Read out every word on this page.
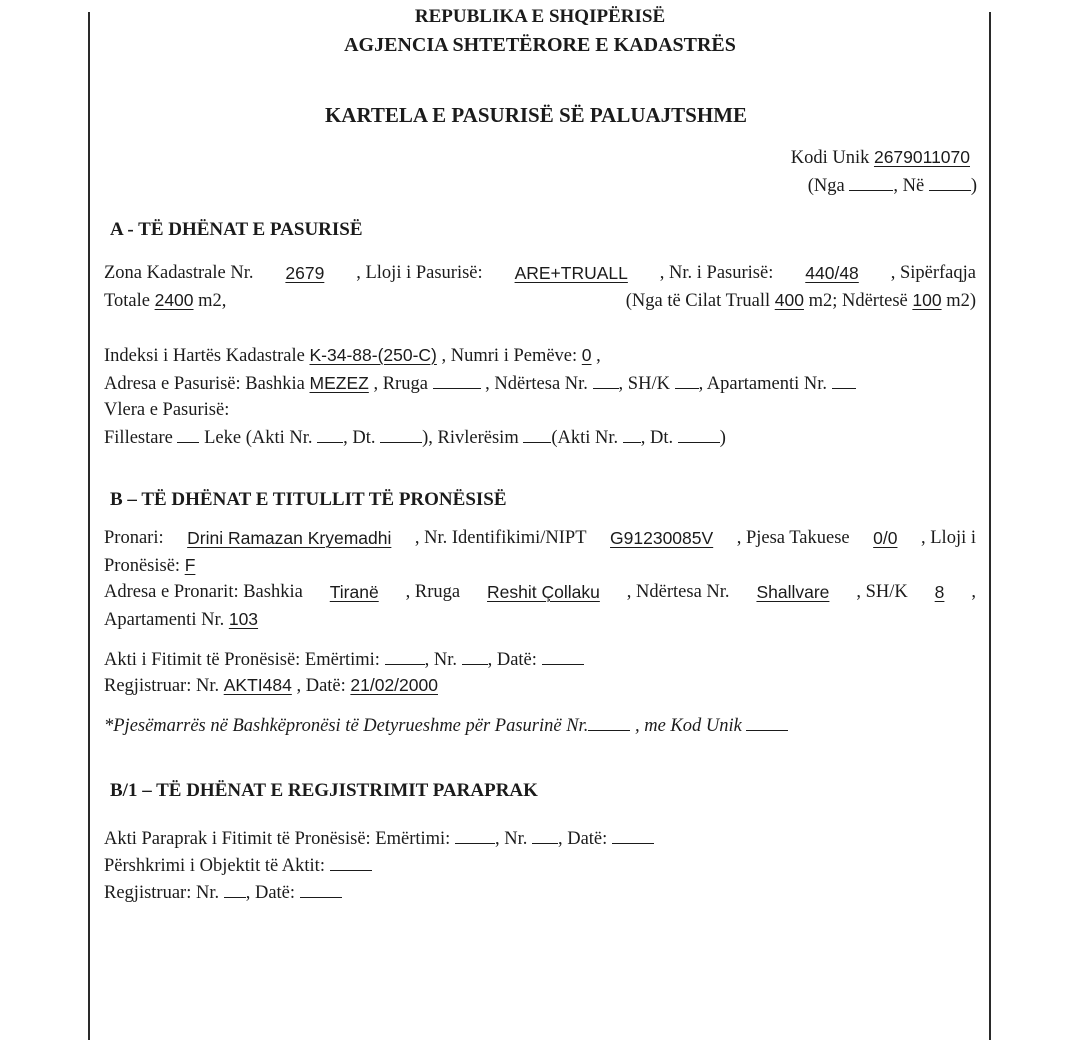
REPUBLIKA E SHQIPËRISË
AGJENCIA SHTETËRORE E KADASTRËS
KARTELA E PASURISË SË PALUAJTSHME
Kodi Unik 2679011070
(Nga	, Në	)
A - TË DHËNAT E PASURISË
Zona Kadastrale Nr. 2679 , Lloji i Pasurisë: ARE+TRUALL , Nr. i Pasurisë: 440/48 , Sipërfaqja
Totale 2400 m2,	(Nga të Cilat Truall 400 m2; Ndërtesë 100 m2)
Indeksi i Hartës Kadastrale K-34-88-(250-C) , Numri i Pemëve: 0 ,
Adresa e Pasurisë: Bashkia MEZEZ , Rruga	, Ndërtesa Nr. , SH/K , Apartamenti Nr.
Vlera e Pasurisë:
Fillestare Leke (Akti Nr. , Dt.	), Rivlerësim (Akti Nr. , Dt.	)
B – TË DHËNAT E TITULLIT TË PRONËSISË
Pronari: Drini Ramazan Kryemadhi , Nr. Identifikimi/NIPT G91230085V , Pjesa Takuese 0/0 , Lloji i
Pronësisë: F
Adresa e Pronarit: Bashkia Tiranë , Rruga Reshit Çollaku , Ndërtesa Nr. Shallvare , SH/K 8 ,
Apartamenti Nr. 103
Akti i Fitimit të Pronësisë: Emërtimi: , Nr. , Datë:
Regjistruar: Nr. AKTI484 , Datë: 21/02/2000
*Pjesëmarrës në Bashkëpronësi të Detyrueshme për Pasurinë Nr.	, me Kod Unik
B/1 – TË DHËNAT E REGJISTRIMIT PARAPRAK
Akti Paraprak i Fitimit të Pronësisë: Emërtimi: , Nr. , Datë:
Përshkrimi i Objektit të Aktit:
Regjistruar: Nr. , Datë:
